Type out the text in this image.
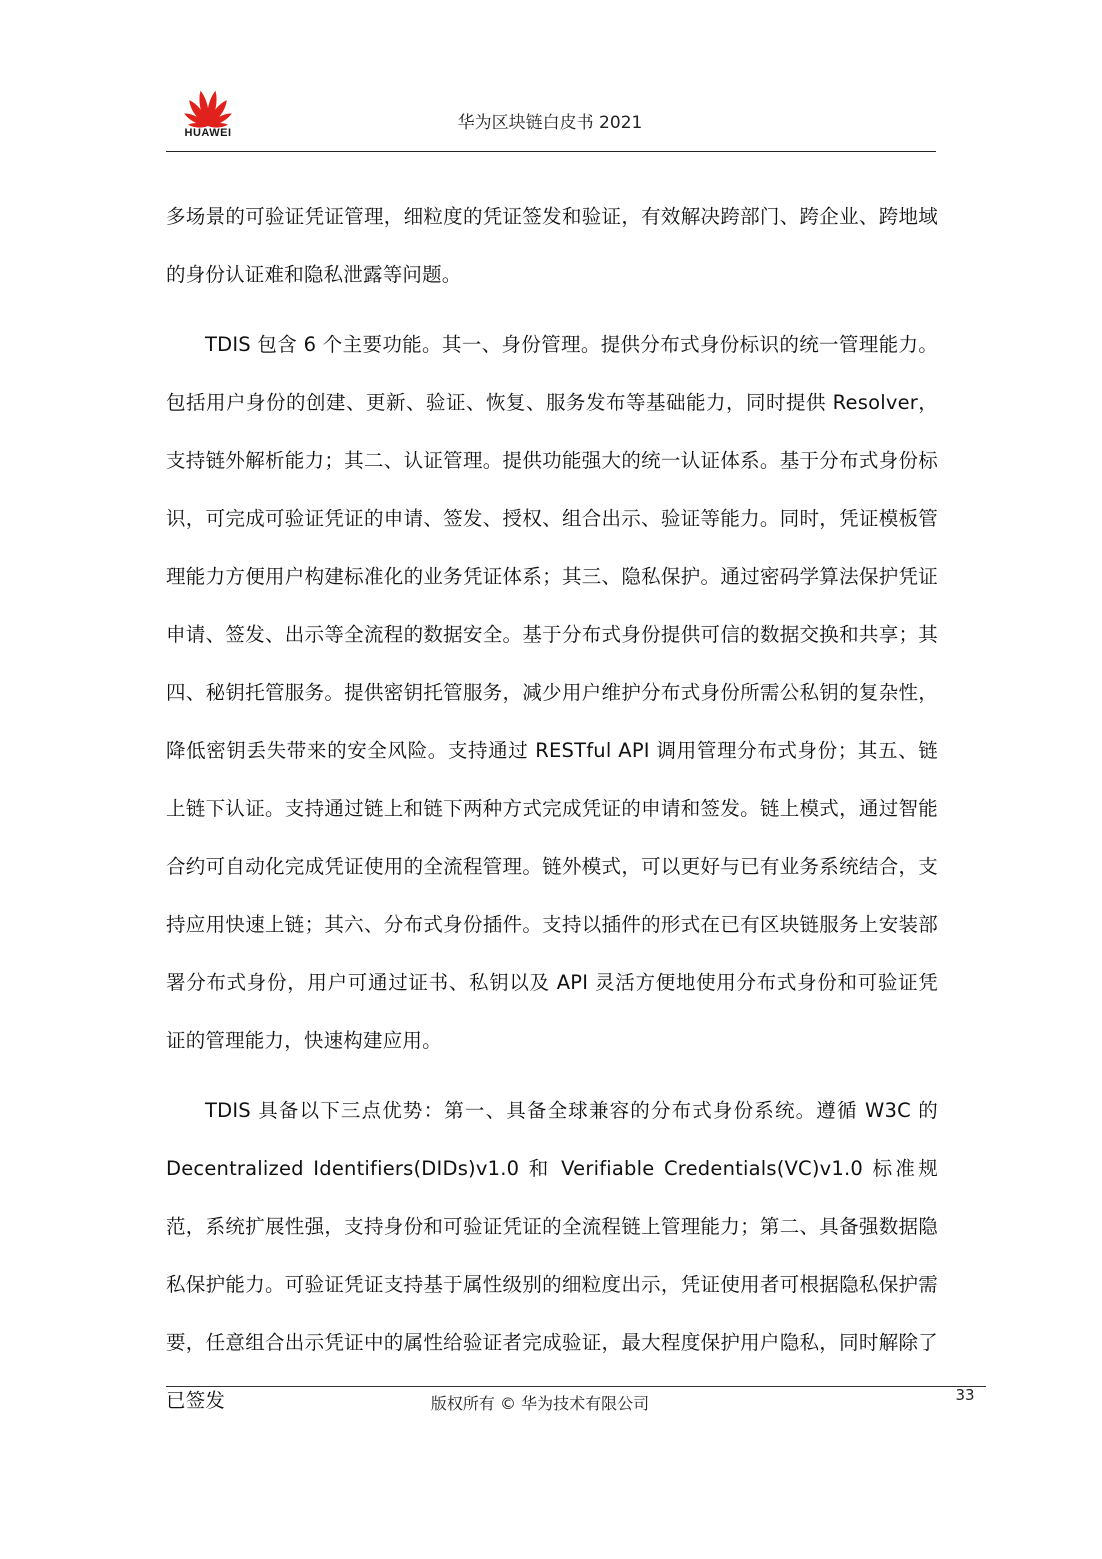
HUAWEI	华为区块链白皮书 2021

多场景的可验证凭证管理，细粒度的凭证签发和验证，有效解决跨部门、跨企业、跨地域的身份认证难和隐私泄露等问题。

TDIS 包含 6 个主要功能。其一、身份管理。提供分布式身份标识的统一管理能力。包括用户身份的创建、更新、验证、恢复、服务发布等基础能力，同时提供 Resolver，支持链外解析能力；其二、认证管理。提供功能强大的统一认证体系。基于分布式身份标识，可完成可验证凭证的申请、签发、授权、组合出示、验证等能力。同时，凭证模板管理能力方便用户构建标准化的业务凭证体系；其三、隐私保护。通过密码学算法保护凭证申请、签发、出示等全流程的数据安全。基于分布式身份提供可信的数据交换和共享；其四、秘钥托管服务。提供密钥托管服务，减少用户维护分布式身份所需公私钥的复杂性，降低密钥丢失带来的安全风险。支持通过 RESTful API 调用管理分布式身份；其五、链上链下认证。支持通过链上和链下两种方式完成凭证的申请和签发。链上模式，通过智能合约可自动化完成凭证使用的全流程管理。链外模式，可以更好与已有业务系统结合，支持应用快速上链；其六、分布式身份插件。支持以插件的形式在已有区块链服务上安装部署分布式身份，用户可通过证书、私钥以及 API 灵活方便地使用分布式身份和可验证凭证的管理能力，快速构建应用。

TDIS 具备以下三点优势：第一、具备全球兼容的分布式身份系统。遵循 W3C 的 Decentralized Identifiers(DIDs)v1.0 和 Verifiable Credentials(VC)v1.0 标准规范，系统扩展性强，支持身份和可验证凭证的全流程链上管理能力；第二、具备强数据隐私保护能力。可验证凭证支持基于属性级别的细粒度出示，凭证使用者可根据隐私保护需要，任意组合出示凭证中的属性给验证者完成验证，最大程度保护用户隐私，同时解除了已签发	版权所有 © 华为技术有限公司	33
